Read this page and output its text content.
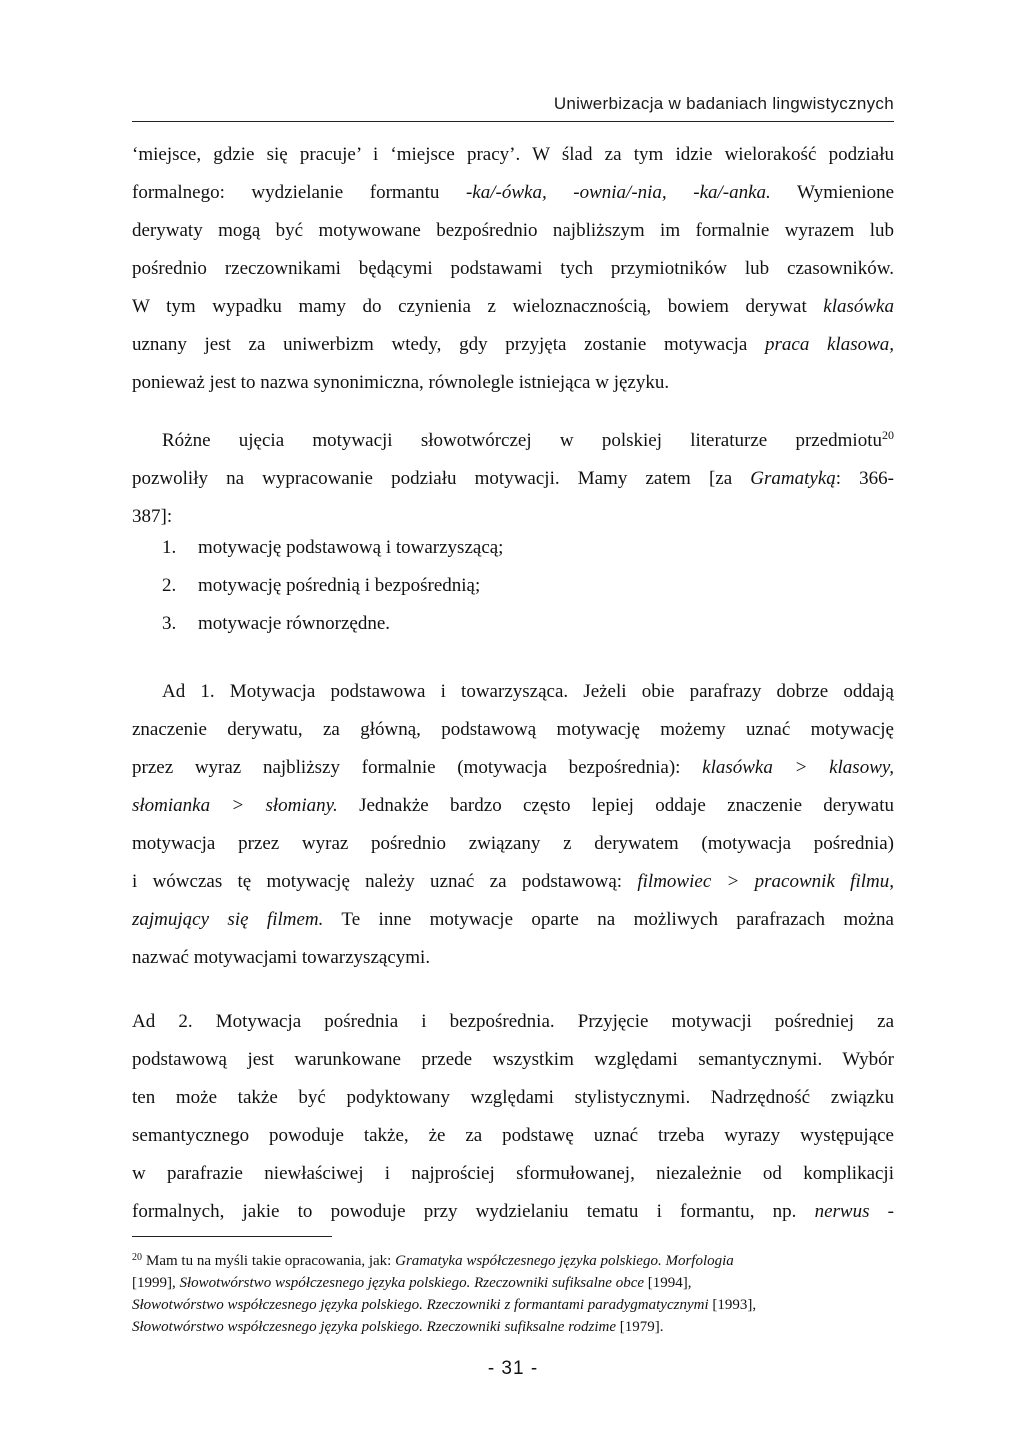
Uniwerbizacja w badaniach lingwistycznych
‘miejsce, gdzie się pracuje’ i ‘miejsce pracy’. W ślad za tym idzie wielorakość podziału
formalnego: wydzielanie formantu -ka/-ówka, -ownia/-nia, -ka/-anka. Wymienione
derywaty mogą być motywowane bezpośrednio najbliższym im formalnie wyrazem lub
pośrednio rzeczownikami będącymi podstawami tych przymiotników lub czasowników.
W tym wypadku mamy do czynienia z wieloznacznością, bowiem derywat klasówka
uznany jest za uniwerbizm wtedy, gdy przyjęta zostanie motywacja praca klasowa,
ponieważ jest to nazwa synonimiczna, równolegle istniejąca w języku.
Różne ujęcia motywacji słowotwórczej w polskiej literaturze przedmiotu$^{20}$
pozwoliły na wypracowanie podziału motywacji. Mamy zatem [za Gramatyką: 366-
387]:
1. motywację podstawową i towarzyszącą;
2. motywację pośrednią i bezpośrednią;
3. motywacje równorzędne.
Ad 1. Motywacja podstawowa i towarzysząca. Jeżeli obie parafrazy dobrze oddają
znaczenie derywatu, za główną, podstawową motywację możemy uznać motywację
przez wyraz najbliższy formalnie (motywacja bezpośrednia): klasówka > klasowy,
słomianka > słomiany. Jednakże bardzo często lepiej oddaje znaczenie derywatu
motywacja przez wyraz pośrednio związany z derywatem (motywacja pośrednia)
i wówczas tę motywację należy uznać za podstawową: filmowiec > pracownik filmu,
zajmujący się filmem. Te inne motywacje oparte na możliwych parafrazach można
nazwać motywacjami towarzyszącymi.
Ad 2. Motywacja pośrednia i bezpośrednia. Przyjęcie motywacji pośredniej za
podstawową jest warunkowane przede wszystkim względami semantycznymi. Wybór
ten może także być podyktowany względami stylistycznymi. Nadrzędność związku
semantycznego powoduje także, że za podstawę uznać trzeba wyrazy występujące
w parafrazie niewłaściwej i najprościej sformułowanej, niezależnie od komplikacji
formalnych, jakie to powoduje przy wydzielaniu tematu i formantu, np. nerwus -
$^{20}$ Mam tu na myśli takie opracowania, jak: Gramatyka współczesnego języka polskiego. Morfologia
[1999], Słowotwórstwo współczesnego języka polskiego. Rzeczowniki sufiksalne obce [1994],
Słowotwórstwo współczesnego języka polskiego. Rzeczowniki z formantami paradygmatycznymi [1993],
Słowotwórstwo współczesnego języka polskiego. Rzeczowniki sufiksalne rodzime [1979].
- 31 -
